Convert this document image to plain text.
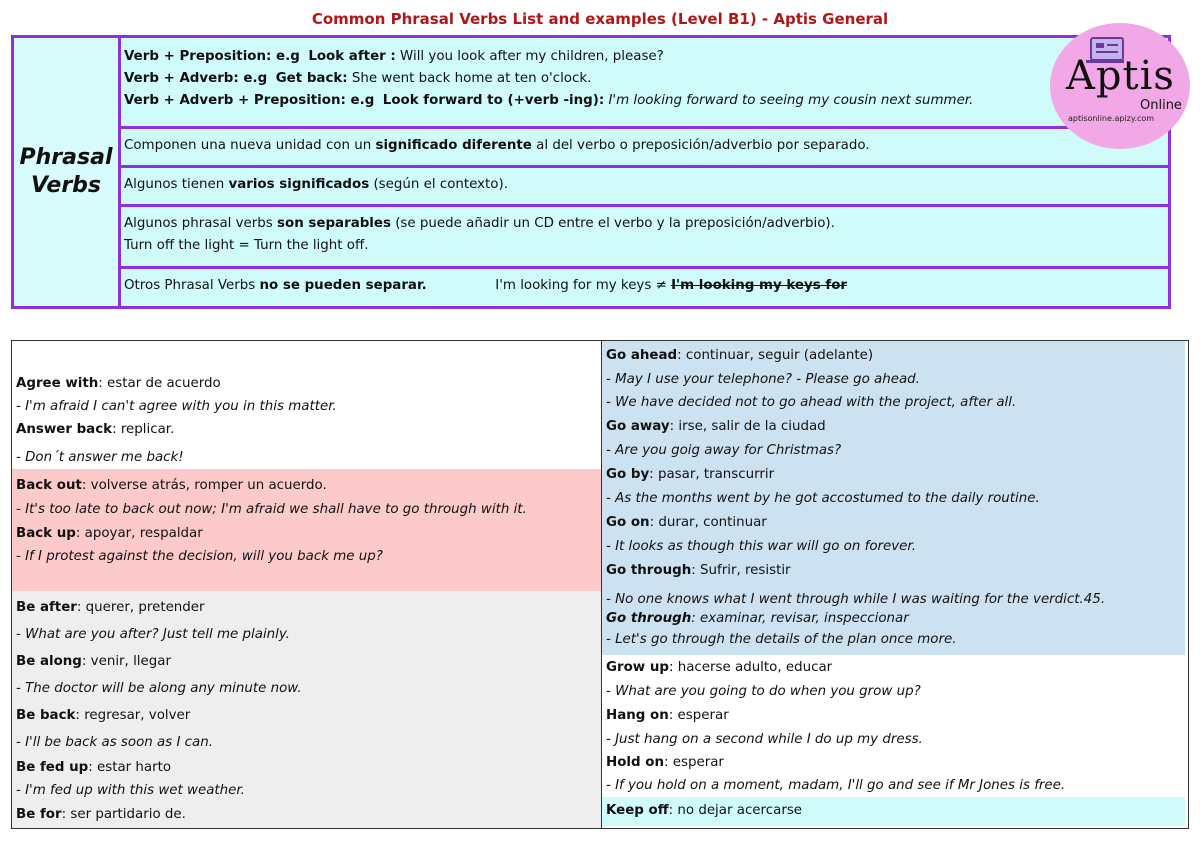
Common Phrasal Verbs List and examples (Level B1) - Aptis General
Phrasal
Verbs
Verb + Preposition: e.g Look after : Will you look after my children, please?
Verb + Adverb: e.g Get back: She went back home at ten o'clock.
Verb + Adverb + Preposition: e.g Look forward to (+verb -ing): I'm looking forward to seeing my cousin next summer.
Componen una nueva unidad con un significado diferente al del verbo o preposición/adverbio por separado.
Algunos tienen varios significados (según el contexto).
Algunos phrasal verbs son separables (se puede añadir un CD entre el verbo y la preposición/adverbio).
Turn off the light = Turn the light off.
Otros Phrasal Verbs no se pueden separar.	I'm looking for my keys ≠ I'm looking my keys for
Aptis
Online
aptisonline.apizy.com
Agree with: estar de acuerdo
- I'm afraid I can't agree with you in this matter.
Answer back: replicar.
- Don´t answer me back!
Back out: volverse atrás, romper un acuerdo.
- It's too late to back out now; I'm afraid we shall have to go through with it.
Back up: apoyar, respaldar
- If I protest against the decision, will you back me up?
Be after: querer, pretender
- What are you after? Just tell me plainly.
Be along: venir, llegar
- The doctor will be along any minute now.
Be back: regresar, volver
- I'll be back as soon as I can.
Be fed up: estar harto
- I'm fed up with this wet weather.
Be for: ser partidario de.
Go ahead: continuar, seguir (adelante)
- May I use your telephone? - Please go ahead.
- We have decided not to go ahead with the project, after all.
Go away: irse, salir de la ciudad
- Are you goig away for Christmas?
Go by: pasar, transcurrir
- As the months went by he got accostumed to the daily routine.
Go on: durar, continuar
- It looks as though this war will go on forever.
Go through: Sufrir, resistir
- No one knows what I went through while I was waiting for the verdict.45.
Go through: examinar, revisar, inspeccionar
- Let's go through the details of the plan once more.
Grow up: hacerse adulto, educar
- What are you going to do when you grow up?
Hang on: esperar
- Just hang on a second while I do up my dress.
Hold on: esperar
- If you hold on a moment, madam, I'll go and see if Mr Jones is free.
Keep off: no dejar acercarse
